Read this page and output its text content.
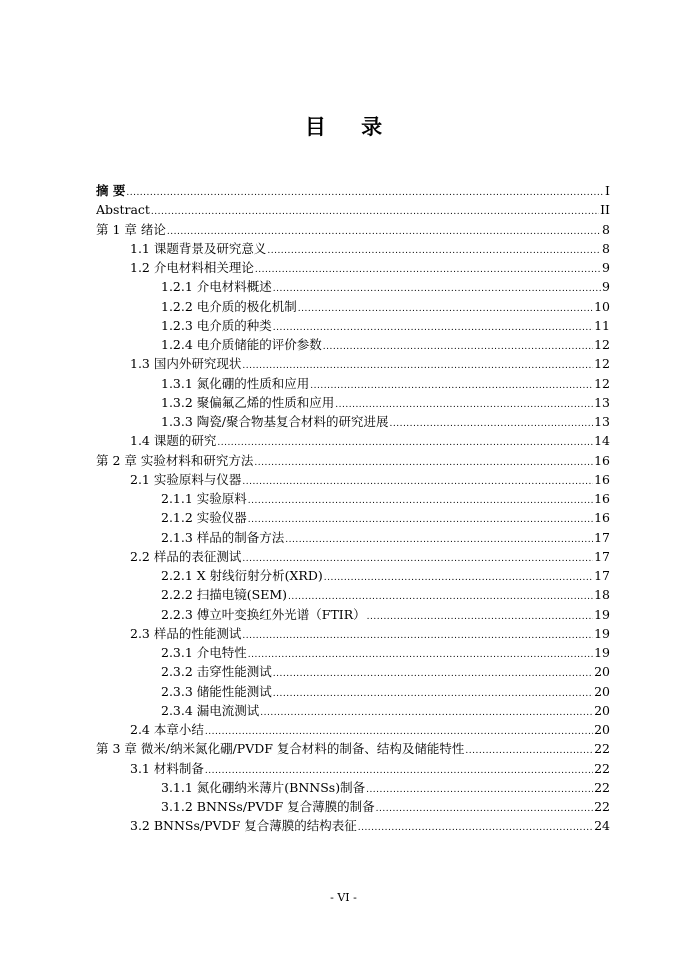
目 录
摘 要 .....	I
Abstract .....	II
第 1 章 绪论 .....	8
1.1 课题背景及研究意义 .....	8
1.2 介电材料相关理论 .....	9
1.2.1 介电材料概述 .....	9
1.2.2 电介质的极化机制 .....	10
1.2.3 电介质的种类 .....	11
1.2.4 电介质储能的评价参数 .....	12
1.3 国内外研究现状 .....	12
1.3.1 氮化硼的性质和应用 .....	12
1.3.2 聚偏氟乙烯的性质和应用 .....	13
1.3.3 陶瓷/聚合物基复合材料的研究进展 .....	13
1.4 课题的研究 .....	14
第 2 章 实验材料和研究方法 .....	16
2.1 实验原料与仪器 .....	16
2.1.1 实验原料 .....	16
2.1.2 实验仪器 .....	16
2.1.3 样品的制备方法 .....	17
2.2 样品的表征测试 .....	17
2.2.1 X 射线衍射分析(XRD) .....	17
2.2.2 扫描电镜(SEM) .....	18
2.2.3 傅立叶变换红外光谱（FTIR） .....	19
2.3 样品的性能测试 .....	19
2.3.1 介电特性 .....	19
2.3.2 击穿性能测试 .....	20
2.3.3 储能性能测试 .....	20
2.3.4 漏电流测试 .....	20
2.4 本章小结 .....	20
第 3 章 微米/纳米氮化硼/PVDF 复合材料的制备、结构及储能特性 .....	22
3.1 材料制备 .....	22
3.1.1 氮化硼纳米薄片(BNNSs)制备 .....	22
3.1.2 BNNSs/PVDF 复合薄膜的制备 .....	22
3.2 BNNSs/PVDF 复合薄膜的结构表征 .....	24
- VI -
